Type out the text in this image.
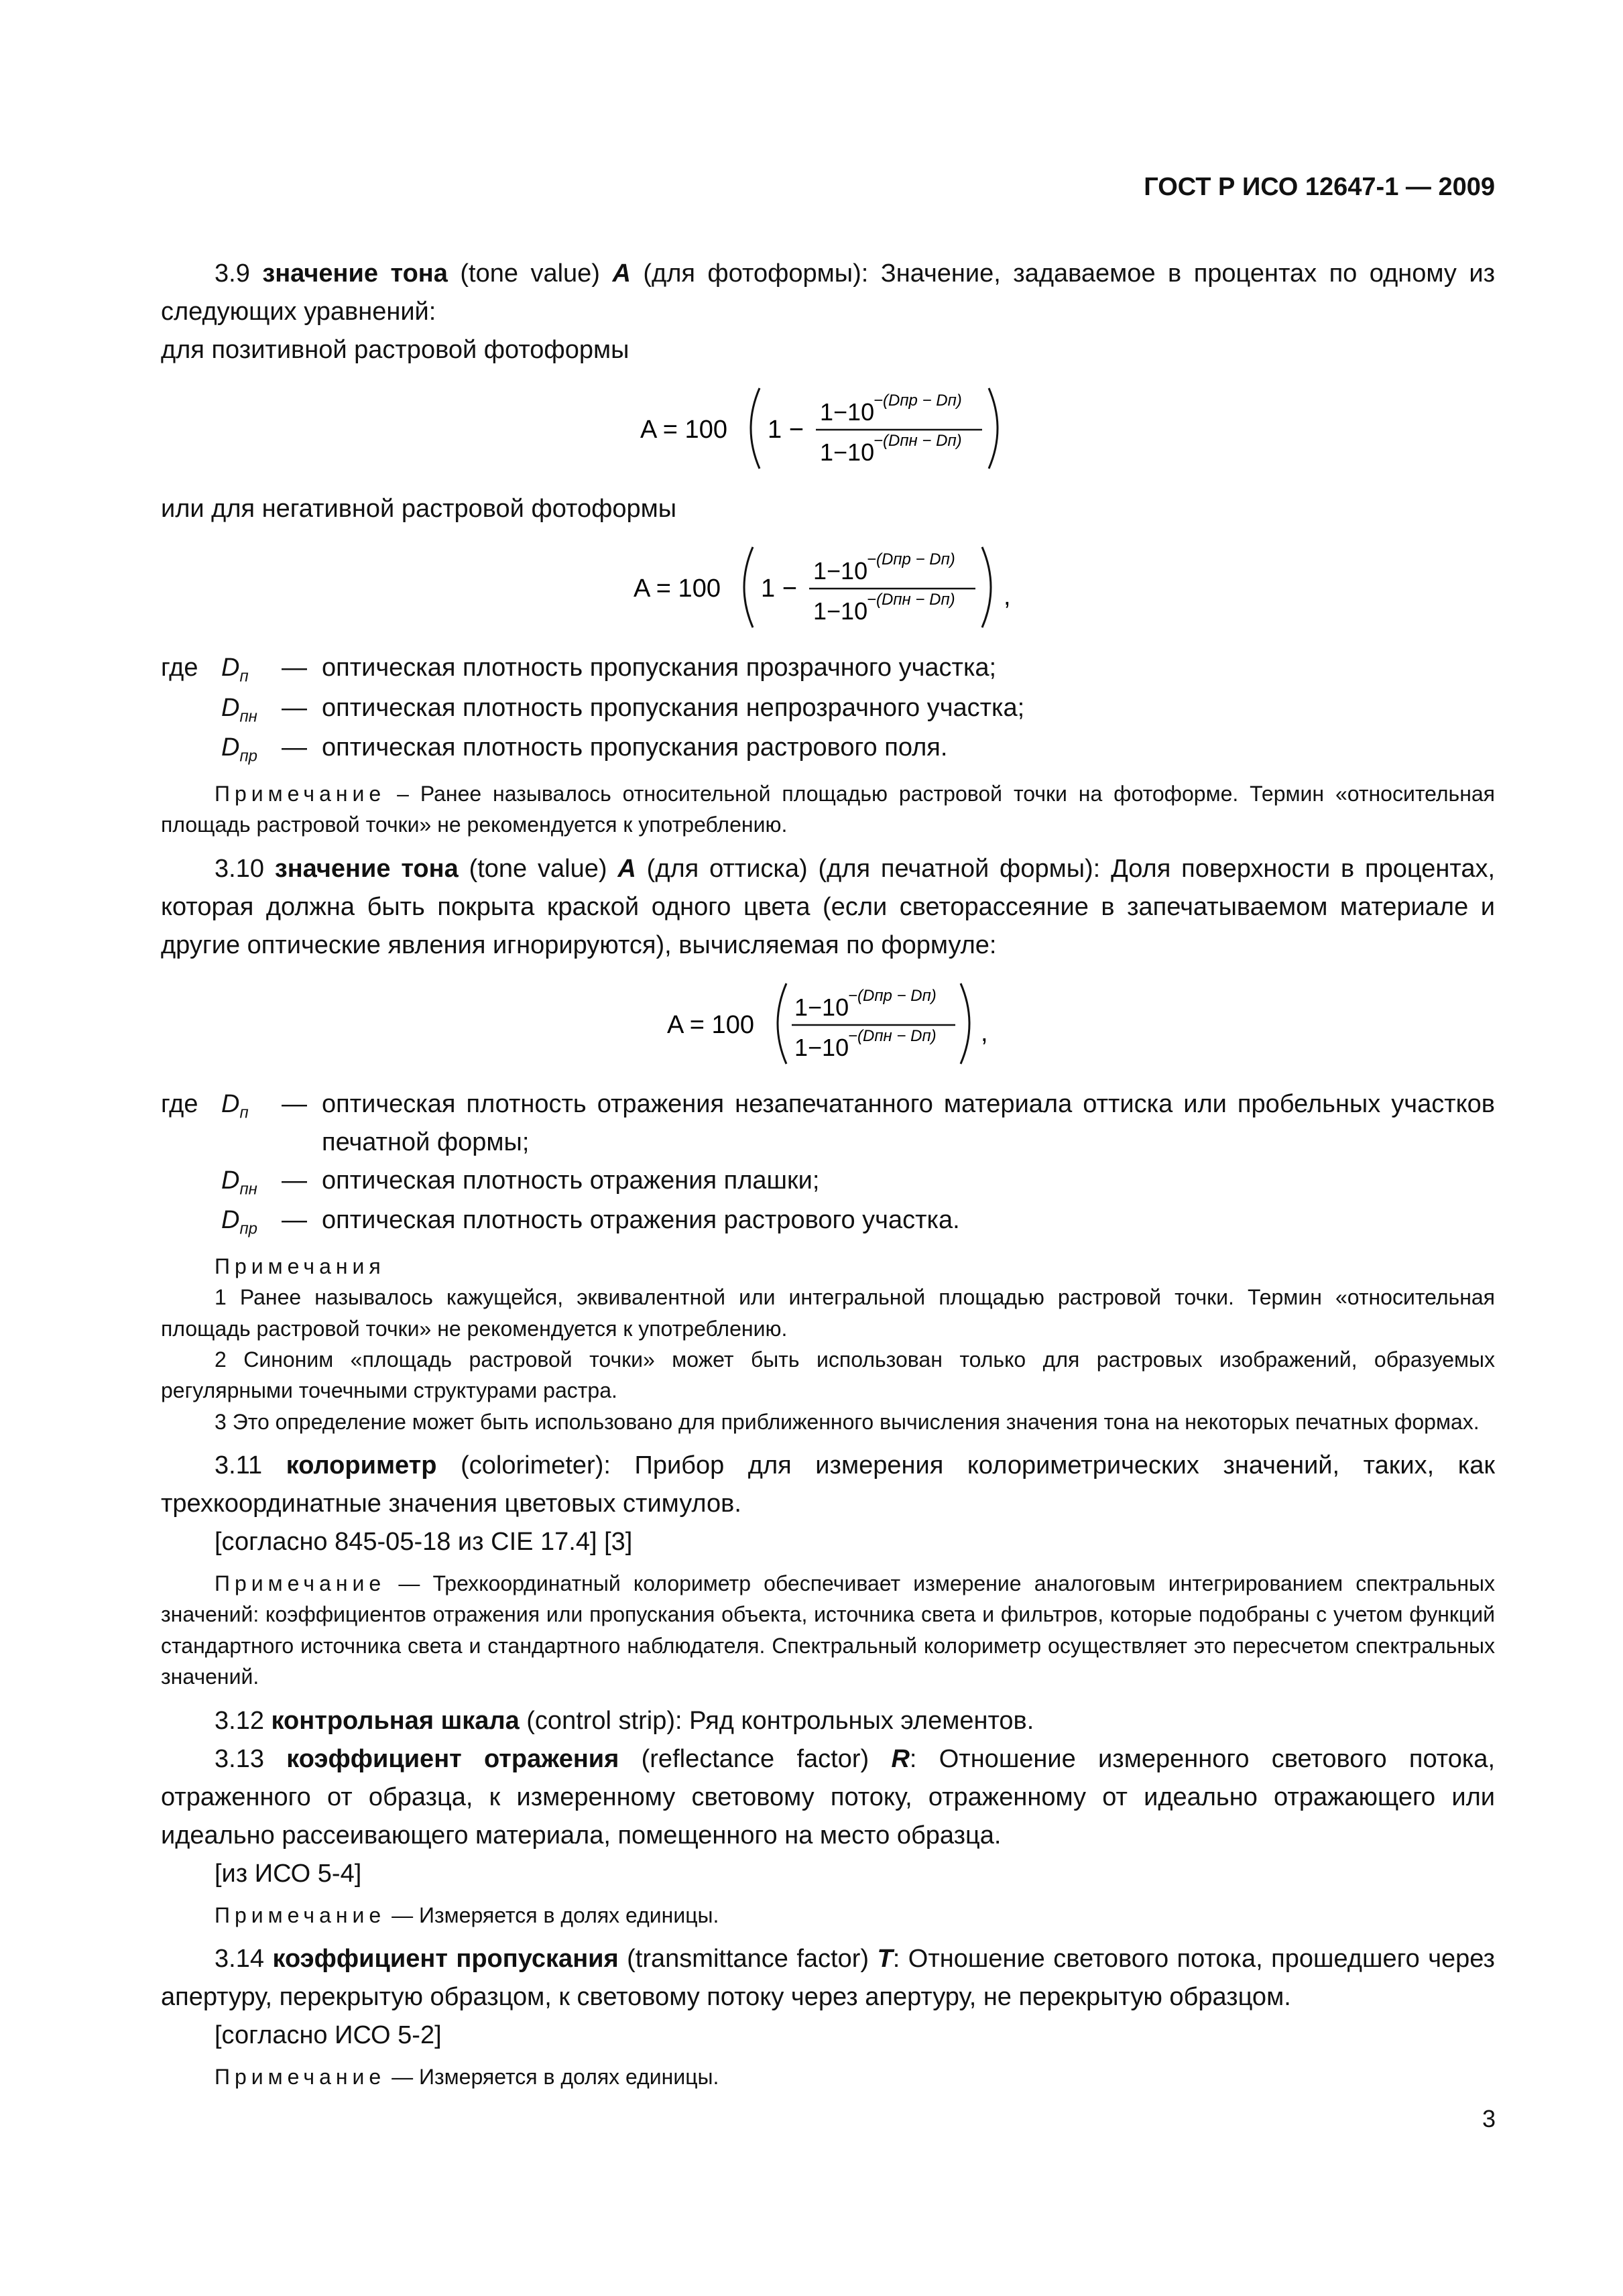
ГОСТ Р ИСО 12647-1 — 2009

3.9 значение тона (tone value) A (для фотоформы): Значение, задаваемое в процентах по одному из следующих уравнений:

для позитивной растровой фотоформы

A = 100 1 −
1−10
−(Dпр − Dп)
1−10
−(Dпн − Dп)

или для негативной растровой фотоформы

A = 100 1 −
1−10
−(Dпр − Dп)
1−10
−(Dпн − Dп) ,
где $D_п$	— оптическая плотность пропускания прозрачного участка;
$D_{пн}$ — оптическая плотность пропускания непрозрачного участка;
$D_{пр}$ — оптическая плотность пропускания растрового поля.

Примечание – Ранее называлось относительной площадью растровой точки на фотоформе. Термин «относительная площадь растровой точки» не рекомендуется к употреблению.

3.10 значение тона (tone value) A (для оттиска) (для печатной формы): Доля поверхности в процентах, которая должна быть покрыта краской одного цвета (если светорассеяние в запечатываемом материале и другие оптические явления игнорируются), вычисляемая по формуле:

A = 100
1−10
−(Dпр − Dп)
1−10
−(Dпн − Dп) ,
где $D_п$	— оптическая плотность отражения незапечатанного материала оттиска или пробельных участков печатной формы;
$D_{пн}$ — оптическая плотность отражения плашки;
$D_{пр}$ — оптическая плотность отражения растрового участка.

Примечания

1 Ранее называлось кажущейся, эквивалентной или интегральной площадью растровой точки. Термин «относительная площадь растровой точки» не рекомендуется к употреблению.

2 Синоним «площадь растровой точки» может быть использован только для растровых изображений, образуемых регулярными точечными структурами растра.

3 Это определение может быть использовано для приближенного вычисления значения тона на некоторых печатных формах.

3.11 колориметр (colorimeter): Прибор для измерения колориметрических значений, таких, как трехкоординатные значения цветовых стимулов.

[согласно 845-05-18 из CIE 17.4] [3]

Примечание — Трехкоординатный колориметр обеспечивает измерение аналоговым интегрированием спектральных значений: коэффициентов отражения или пропускания объекта, источника света и фильтров, которые подобраны с учетом функций стандартного источника света и стандартного наблюдателя. Спектральный колориметр осуществляет это пересчетом спектральных значений.

3.12 контрольная шкала (control strip): Ряд контрольных элементов.

3.13 коэффициент отражения (reflectance factor) R: Отношение измеренного светового потока, отраженного от образца, к измеренному световому потоку, отраженному от идеально отражающего или идеально рассеивающего материала, помещенного на место образца.

[из ИСО 5-4]

Примечание — Измеряется в долях единицы.

3.14 коэффициент пропускания (transmittance factor) T: Отношение светового потока, прошедшего через апертуру, перекрытую образцом, к световому потоку через апертуру, не перекрытую образцом.

[согласно ИСО 5-2]

Примечание — Измеряется в долях единицы.

3
